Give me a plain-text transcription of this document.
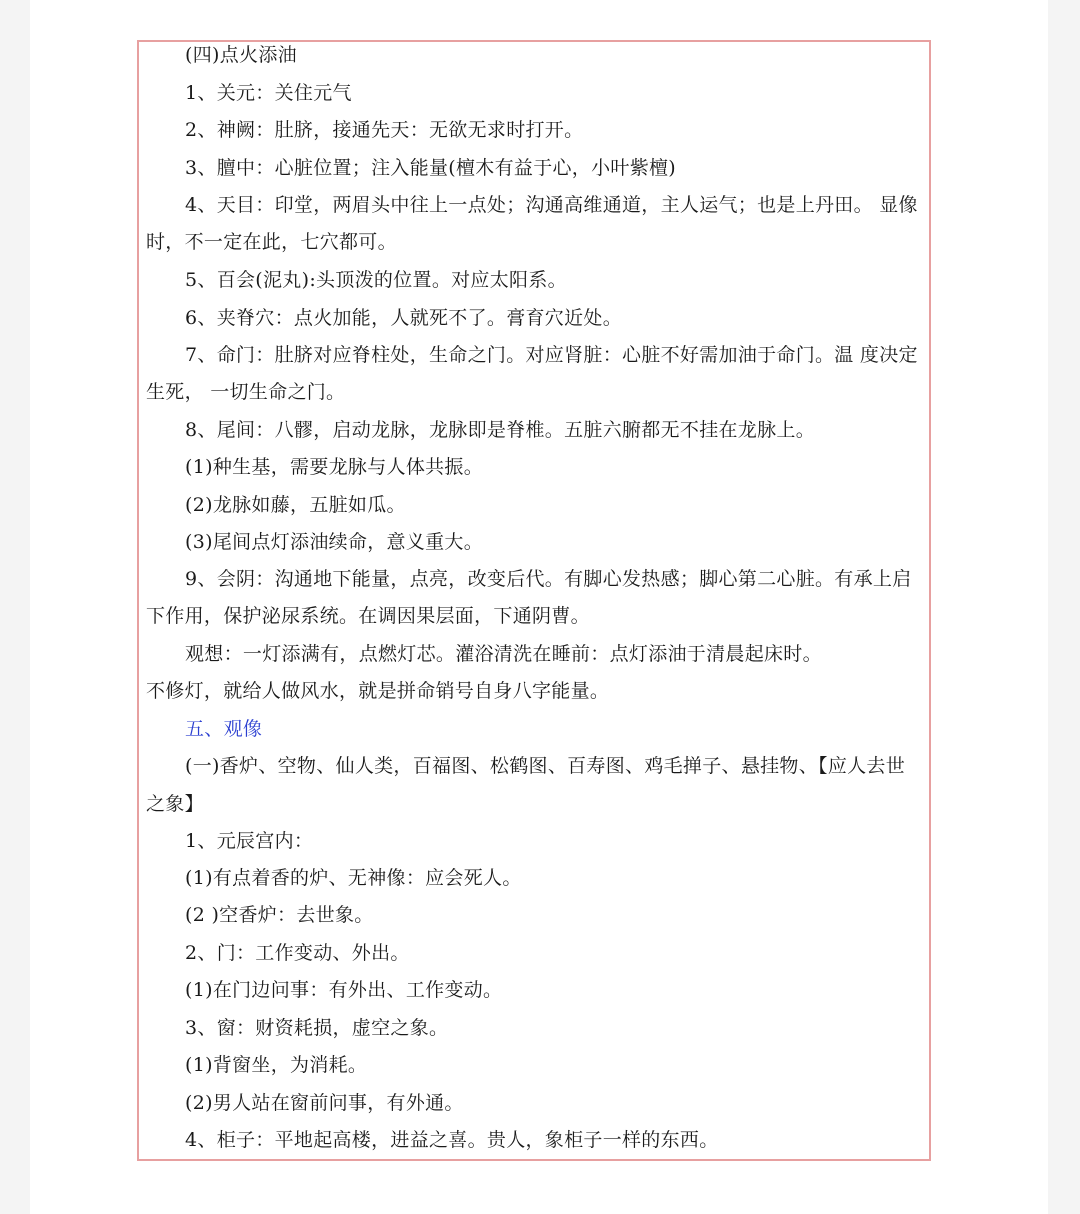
(四)点火添油
1、关元：关住元气
2、神阙：肚脐，接通先天：无欲无求时打开。
3、膻中：心脏位置；注入能量(檀木有益于心，小叶紫檀)
4、天目：印堂，两眉头中往上一点处；沟通高维通道，主人运气；也是上丹田。 显像
时，不一定在此，七穴都可。
5、百会(泥丸):头顶泼的位置。对应太阳系。
6、夹脊穴：点火加能，人就死不了。膏育穴近处。
7、命门：肚脐对应脊柱处，生命之门。对应肾脏：心脏不好需加油于命门。温 度决定
生死， 一切生命之门。
8、尾间：八髎，启动龙脉，龙脉即是脊椎。五脏六腑都无不挂在龙脉上。
(1)种生基，需要龙脉与人体共振。
(2)龙脉如藤，五脏如瓜。
(3)尾间点灯添油续命，意义重大。
9、会阴：沟通地下能量，点亮，改变后代。有脚心发热感；脚心第二心脏。有承上启
下作用，保护泌尿系统。在调因果层面，下通阴曹。
观想：一灯添满有，点燃灯芯。灌浴清洗在睡前：点灯添油于清晨起床时。
不修灯，就给人做风水，就是拼命销号自身八字能量。
五、观像
(一)香炉、空物、仙人类，百福图、松鹤图、百寿图、鸡毛掸子、悬挂物、【应人去世
之象】
1、元辰宫内：
(1)有点着香的炉、无神像：应会死人。
(2 )空香炉：去世象。
2、门：工作变动、外出。
(1)在门边问事：有外出、工作变动。
3、窗：财资耗损，虚空之象。
(1)背窗坐，为消耗。
(2)男人站在窗前问事，有外通。
4、柜子：平地起高楼，进益之喜。贵人，象柜子一样的东西。
